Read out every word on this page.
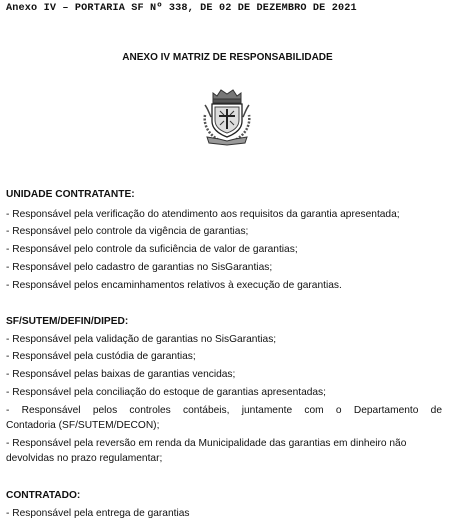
Anexo IV – PORTARIA SF Nº 338, DE 02 DE DEZEMBRO DE 2021
ANEXO IV MATRIZ DE RESPONSABILIDADE
UNIDADE CONTRATANTE:
- Responsável pela verificação do atendimento aos requisitos da garantia apresentada;
- Responsável pelo controle da vigência de garantias;
- Responsável pelo controle da suficiência de valor de garantias;
- Responsável pelo cadastro de garantias no SisGarantias;
- Responsável pelos encaminhamentos relativos à execução de garantias.
SF/SUTEM/DEFIN/DIPED:
- Responsável pela validação de garantias no SisGarantias;
- Responsável pela custódia de garantias;
- Responsável pelas baixas de garantias vencidas;
- Responsável pela conciliação do estoque de garantias apresentadas;
- Responsável pelos controles contábeis, juntamente com o Departamento de
Contadoria (SF/SUTEM/DECON);
- Responsável pela reversão em renda da Municipalidade das garantias em dinheiro não
devolvidas no prazo regulamentar;
CONTRATADO:
- Responsável pela entrega de garantias
